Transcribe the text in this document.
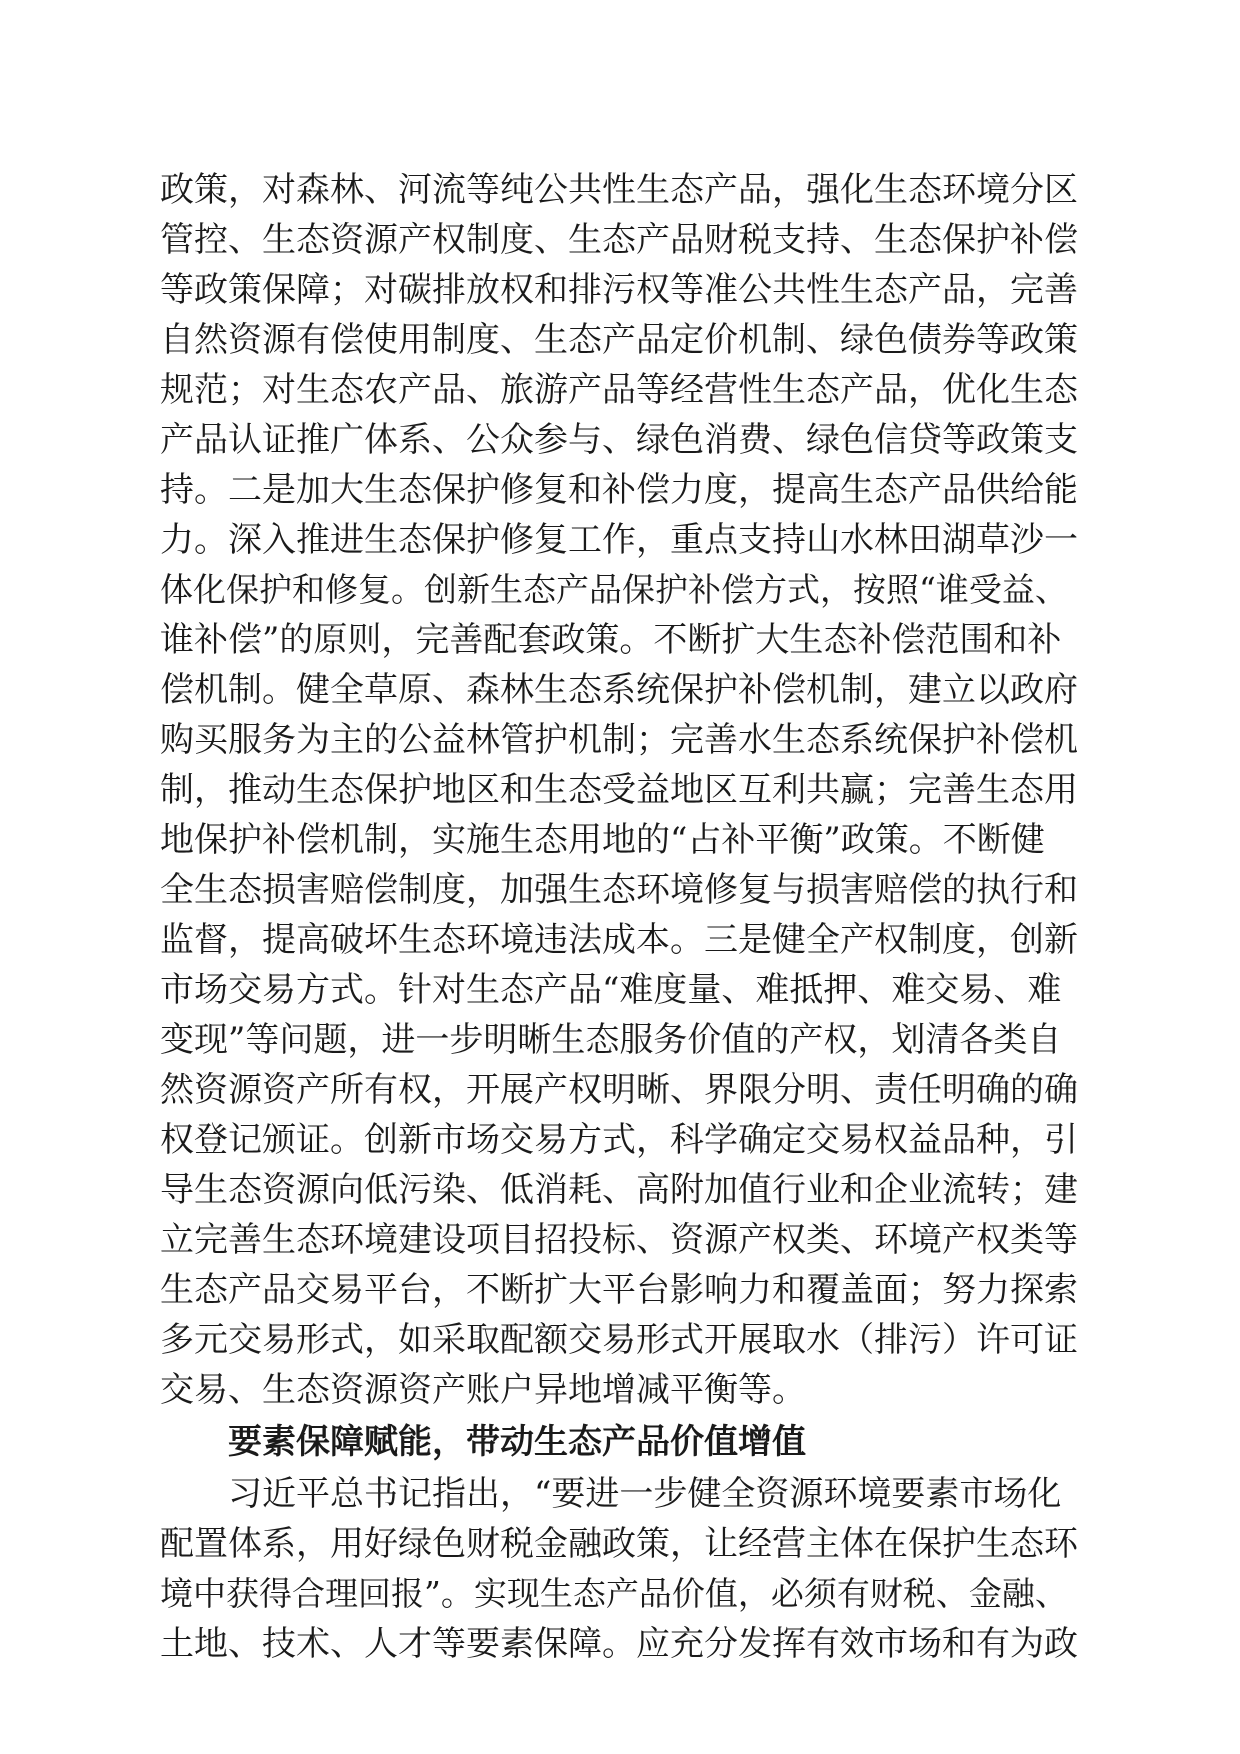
政策，对森林、河流等纯公共性生态产品，强化生态环境分区
管控、生态资源产权制度、生态产品财税支持、生态保护补偿
等政策保障；对碳排放权和排污权等准公共性生态产品，完善
自然资源有偿使用制度、生态产品定价机制、绿色债券等政策
规范；对生态农产品、旅游产品等经营性生态产品，优化生态
产品认证推广体系、公众参与、绿色消费、绿色信贷等政策支
持。二是加大生态保护修复和补偿力度，提高生态产品供给能
力。深入推进生态保护修复工作，重点支持山水林田湖草沙一
体化保护和修复。创新生态产品保护补偿方式，按照“谁受益、
谁补偿”的原则，完善配套政策。不断扩大生态补偿范围和补
偿机制。健全草原、森林生态系统保护补偿机制，建立以政府
购买服务为主的公益林管护机制；完善水生态系统保护补偿机
制，推动生态保护地区和生态受益地区互利共赢；完善生态用
地保护补偿机制，实施生态用地的“占补平衡”政策。不断健
全生态损害赔偿制度，加强生态环境修复与损害赔偿的执行和
监督，提高破坏生态环境违法成本。三是健全产权制度，创新
市场交易方式。针对生态产品“难度量、难抵押、难交易、难
变现”等问题，进一步明晰生态服务价值的产权，划清各类自
然资源资产所有权，开展产权明晰、界限分明、责任明确的确
权登记颁证。创新市场交易方式，科学确定交易权益品种，引
导生态资源向低污染、低消耗、高附加值行业和企业流转；建
立完善生态环境建设项目招投标、资源产权类、环境产权类等
生态产品交易平台，不断扩大平台影响力和覆盖面；努力探索
多元交易形式，如采取配额交易形式开展取水（排污）许可证
交易、生态资源资产账户异地增减平衡等。
要素保障赋能，带动生态产品价值增值
习近平总书记指出，“要进一步健全资源环境要素市场化
配置体系，用好绿色财税金融政策，让经营主体在保护生态环
境中获得合理回报”。实现生态产品价值，必须有财税、金融、
土地、技术、人才等要素保障。应充分发挥有效市场和有为政
